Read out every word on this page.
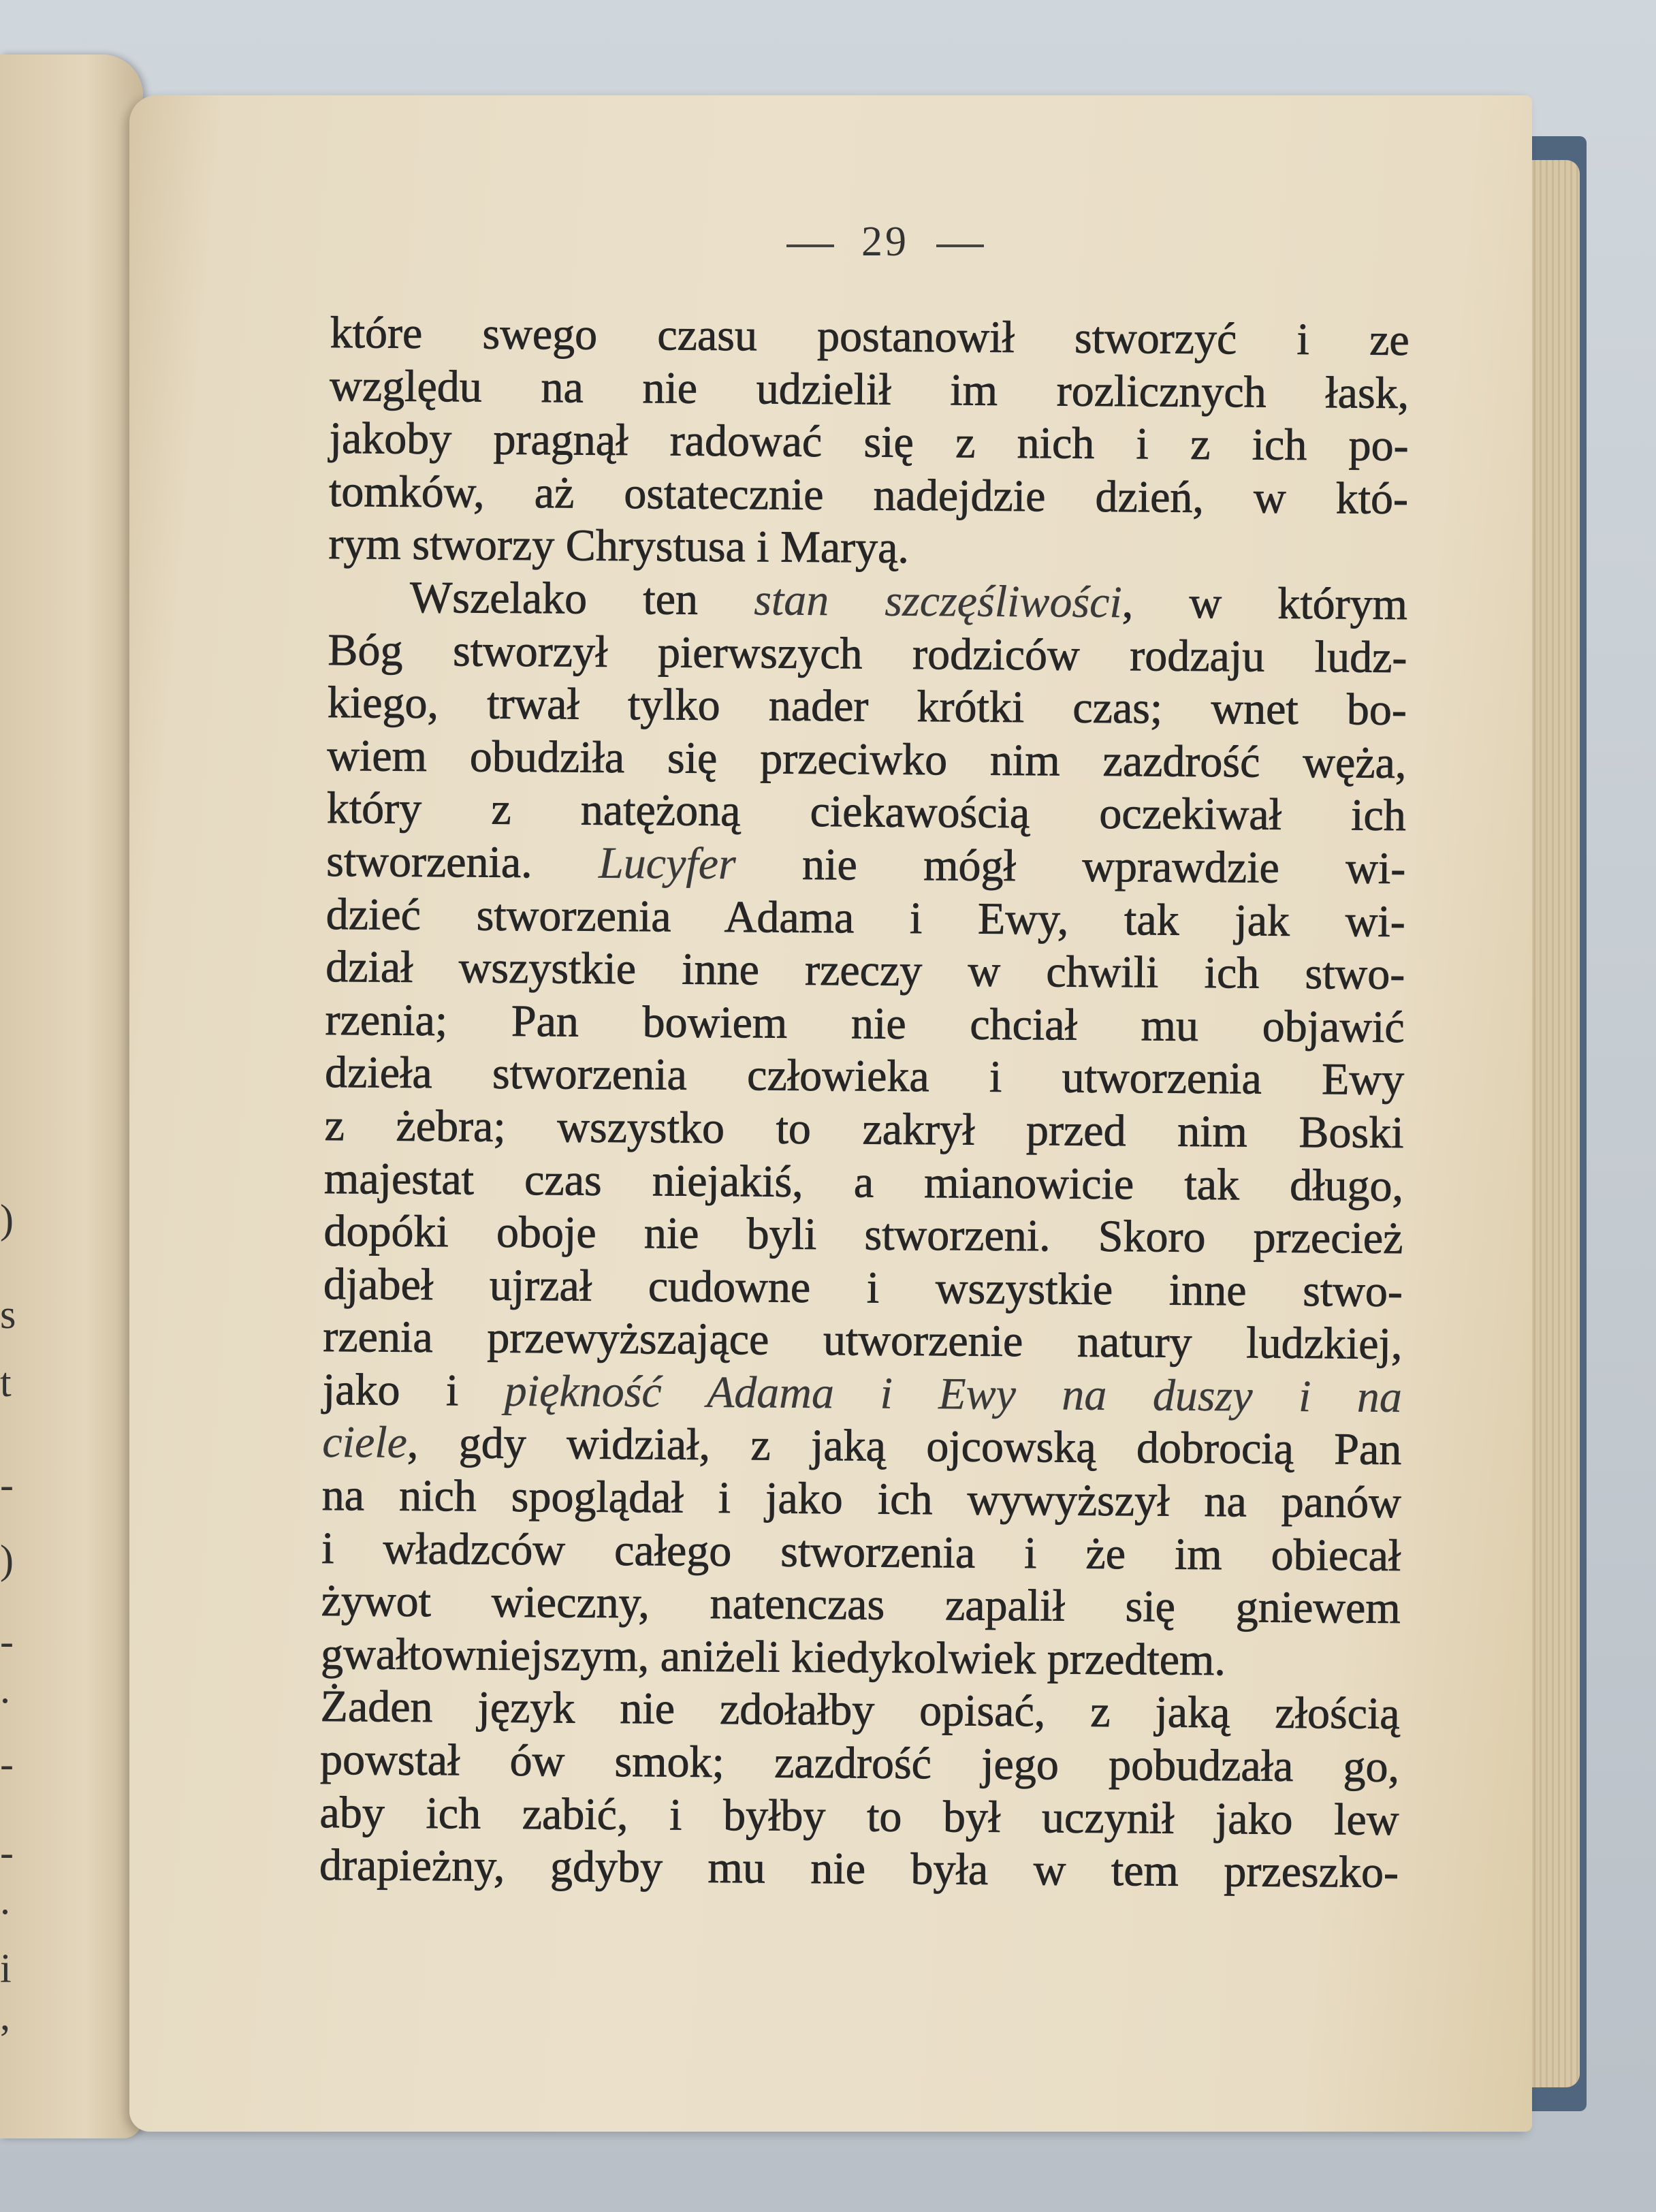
)
s
t
-
)
-
.
-
-
.
i
,
29
które swego czasu postanowił stworzyć i ze
względu na nie udzielił im rozlicznych łask,
jakoby pragnął radować się z nich i z ich po-
tomków, aż ostatecznie nadejdzie dzień, w któ-
rym stworzy Chrystusa i Maryą.
Wszelako ten stan szczęśliwości, w którym
Bóg stworzył pierwszych rodziców rodzaju ludz-
kiego, trwał tylko nader krótki czas; wnet bo-
wiem obudziła się przeciwko nim zazdrość węża,
który z natężoną ciekawością oczekiwał ich
stworzenia. Lucyfer nie mógł wprawdzie wi-
dzieć stworzenia Adama i Ewy, tak jak wi-
dział wszystkie inne rzeczy w chwili ich stwo-
rzenia; Pan bowiem nie chciał mu objawić
dzieła stworzenia człowieka i utworzenia Ewy
z żebra; wszystko to zakrył przed nim Boski
majestat czas niejakiś, a mianowicie tak długo,
dopóki oboje nie byli stworzeni. Skoro przecież
djabeł ujrzał cudowne i wszystkie inne stwo-
rzenia przewyższające utworzenie natury ludzkiej,
jako i piękność Adama i Ewy na duszy i na
ciele, gdy widział, z jaką ojcowską dobrocią Pan
na nich spoglądał i jako ich wywyższył na panów
i władzców całego stworzenia i że im obiecał
żywot wieczny, natenczas zapalił się gniewem
gwałtowniejszym, aniżeli kiedykolwiek przedtem.
Żaden język nie zdołałby opisać, z jaką złością
powstał ów smok; zazdrość jego pobudzała go,
aby ich zabić, i byłby to był uczynił jako lew
drapieżny, gdyby mu nie była w tem przeszko-
